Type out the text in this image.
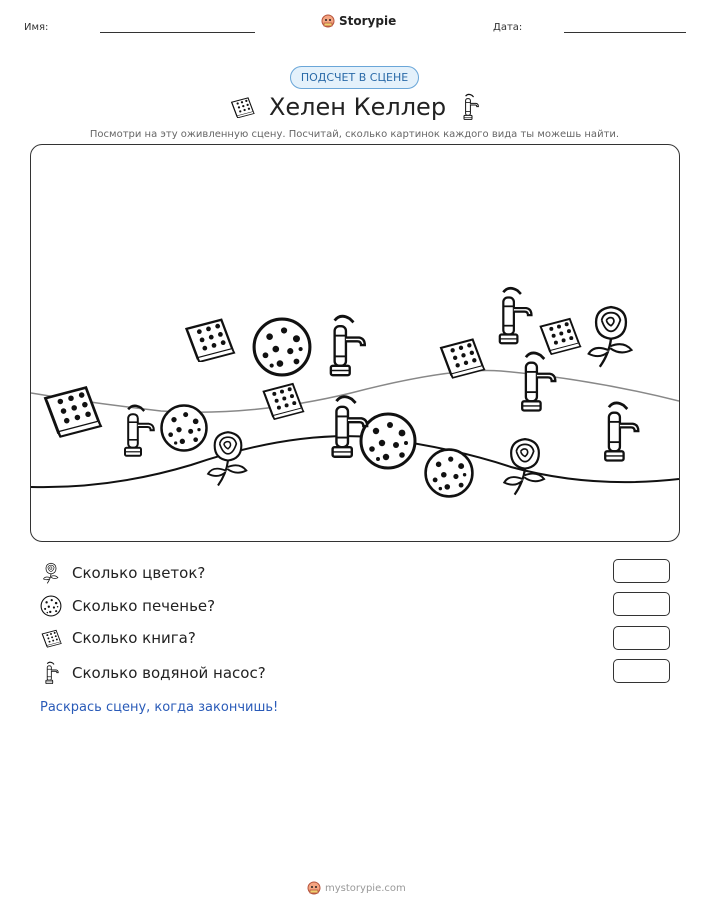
Имя:	Storypie	Дата:
ПОДСЧЕТ В СЦЕНЕ
Хелен Келлер
Посмотри на эту оживленную сцену. Посчитай, сколько картинок каждого вида ты можешь найти.
Сколько цветок?
Сколько печенье?
Сколько книга?
Сколько водяной насос?
Раскрась сцену, когда закончишь!
mystorypie.com
